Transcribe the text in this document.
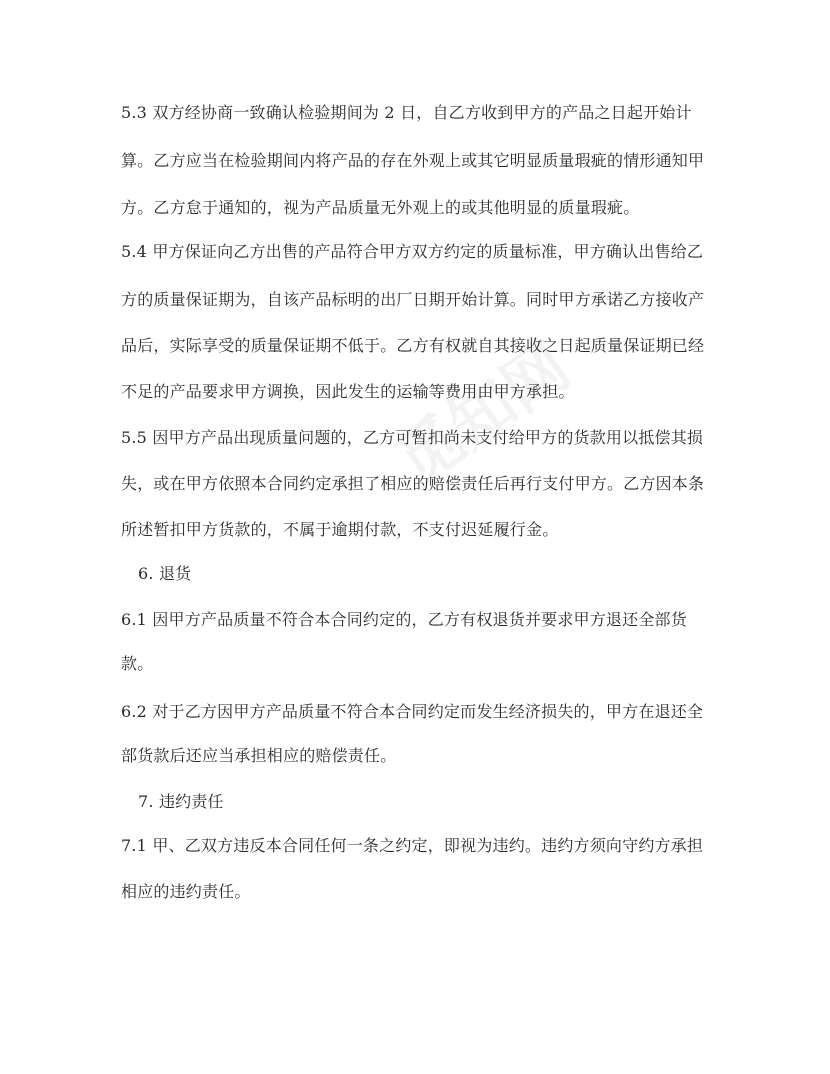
5.3 双方经协商一致确认检验期间为 2 日，自乙方收到甲方的产品之日起开始计
算。乙方应当在检验期间内将产品的存在外观上或其它明显质量瑕疵的情形通知甲
方。乙方怠于通知的，视为产品质量无外观上的或其他明显的质量瑕疵。
5.4 甲方保证向乙方出售的产品符合甲方双方约定的质量标准，甲方确认出售给乙
方的质量保证期为，自该产品标明的出厂日期开始计算。同时甲方承诺乙方接收产
品后，实际享受的质量保证期不低于。乙方有权就自其接收之日起质量保证期已经
不足的产品要求甲方调换，因此发生的运输等费用由甲方承担。
5.5 因甲方产品出现质量问题的，乙方可暂扣尚未支付给甲方的货款用以抵偿其损
失，或在甲方依照本合同约定承担了相应的赔偿责任后再行支付甲方。乙方因本条
所述暂扣甲方货款的，不属于逾期付款，不支付迟延履行金。
6. 退货
6.1 因甲方产品质量不符合本合同约定的，乙方有权退货并要求甲方退还全部货
款。
6.2 对于乙方因甲方产品质量不符合本合同约定而发生经济损失的，甲方在退还全
部货款后还应当承担相应的赔偿责任。
7. 违约责任
7.1 甲、乙双方违反本合同任何一条之约定，即视为违约。违约方须向守约方承担
相应的违约责任。
